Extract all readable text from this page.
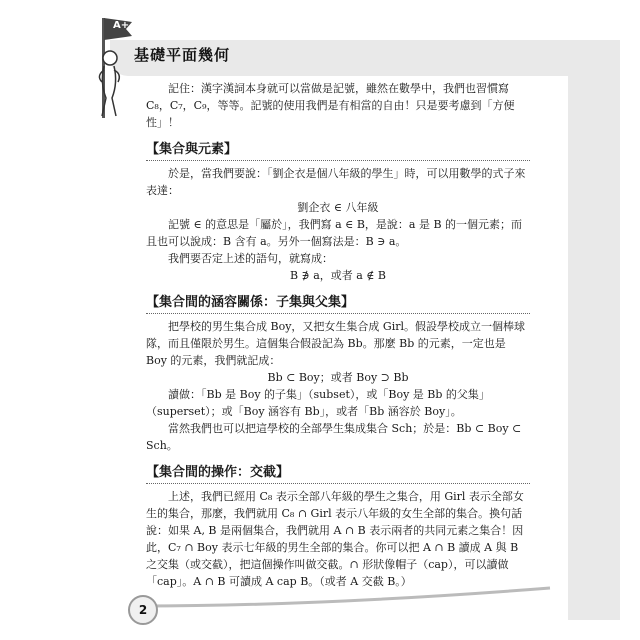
A+
基礎平面幾何

記住：漢字漢詞本身就可以當做是記號，雖然在數學中，我們也習慣寫 C₈，C₇，C₉，等等。記號的使用我們是有相當的自由！只是要考慮到「方便性」！

【集合與元素】

於是，當我們要說：「劉企衣是個八年級的學生」時，可以用數學的式子來表達：

劉企衣 ∈ 八年級

記號 ∈ 的意思是「屬於」，我們寫 a ∈ B，是說：a 是 B 的一個元素；而且也可以說成：B 含有 a。另外一個寫法是：B ∋ a。

我們要否定上述的語句，就寫成：

B ∌ a，或者 a ∉ B

【集合間的涵容關係：子集與父集】

把學校的男生集合成 Boy，又把女生集合成 Girl。假設學校成立一個棒球隊，而且僅限於男生。這個集合假設記為 Bb。那麼 Bb 的元素，一定也是 Boy 的元素，我們就記成：

Bb ⊂ Boy；或者 Boy ⊃ Bb

讀做：「Bb 是 Boy 的子集」（subset），或「Boy 是 Bb 的父集」（superset）；或「Boy 涵容有 Bb」，或者「Bb 涵容於 Boy」。

當然我們也可以把這學校的全部學生集成集合 Sch；於是：Bb ⊂ Boy ⊂ Sch。

【集合間的操作：交截】

上述，我們已經用 C₈ 表示全部八年級的學生之集合，用 Girl 表示全部女生的集合，那麼，我們就用 C₈ ∩ Girl 表示八年級的女生全部的集合。換句話說：如果 A, B 是兩個集合，我們就用 A ∩ B 表示兩者的共同元素之集合！因此，C₇ ∩ Boy 表示七年級的男生全部的集合。你可以把 A ∩ B 讀成 A 與 B 之交集（或交截），把這個操作叫做交截。∩ 形狀像帽子（cap），可以讀做「cap」。A ∩ B 可讀成 A cap B。（或者 A 交截 B。）

2
